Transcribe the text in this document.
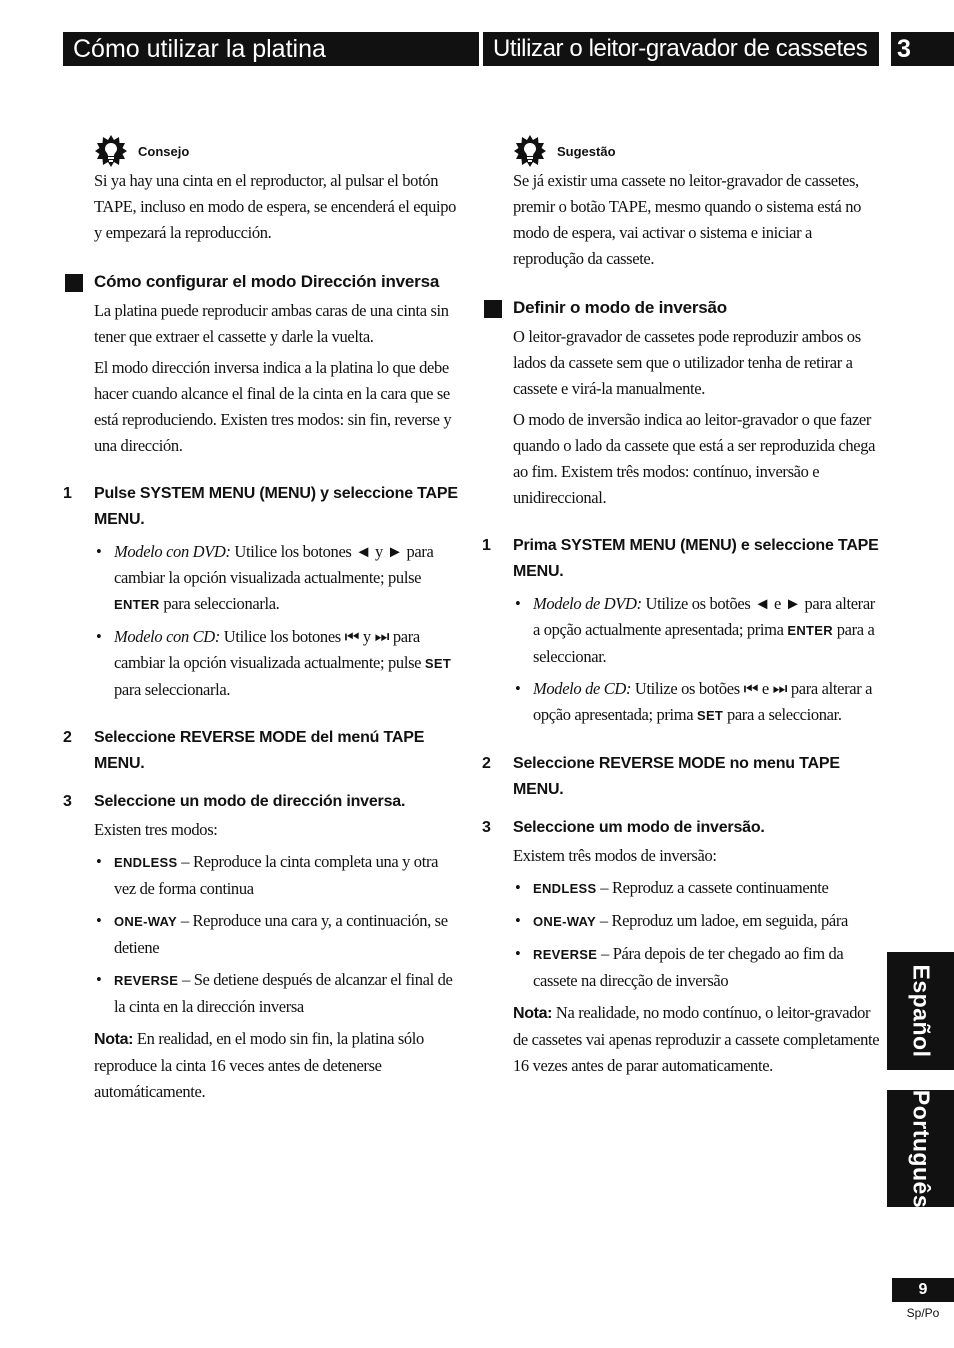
Cómo utilizar la platina	Utilizar o leitor-gravador de cassetes	3
Consejo

Si ya hay una cinta en el reproductor, al pulsar el botón TAPE, incluso en modo de espera, se encenderá el equipo y empezará la reproducción.

Cómo configurar el modo Dirección inversa

La platina puede reproducir ambas caras de una cinta sin tener que extraer el cassette y darle la vuelta.

El modo dirección inversa indica a la platina lo que debe hacer cuando alcance el final de la cinta en la cara que se está reproduciendo. Existen tres modos: sin fin, reverse y una dirección.

1 Pulse SYSTEM MENU (MENU) y seleccione TAPE MENU.
• Modelo con DVD: Utilice los botones ◄ y ► para cambiar la opción visualizada actualmente; pulse ENTER para seleccionarla.
• Modelo con CD: Utilice los botones ⏮ y ⏭ para cambiar la opción visualizada actualmente; pulse SET para seleccionarla.
2 Seleccione REVERSE MODE del menú TAPE MENU.
3 Seleccione un modo de dirección inversa.

Existen tres modos:

• ENDLESS – Reproduce la cinta completa una y otra vez de forma continua
• ONE-WAY – Reproduce una cara y, a continuación, se detiene
• REVERSE – Se detiene después de alcanzar el final de la cinta en la dirección inversa

Nota: En realidad, en el modo sin fin, la platina sólo reproduce la cinta 16 veces antes de detenerse automáticamente.

Sugestão

Se já existir uma cassete no leitor-gravador de cassetes, premir o botão TAPE, mesmo quando o sistema está no modo de espera, vai activar o sistema e iniciar a reprodução da cassete.

Definir o modo de inversão

O leitor-gravador de cassetes pode reproduzir ambos os lados da cassete sem que o utilizador tenha de retirar a cassete e virá-la manualmente.

O modo de inversão indica ao leitor-gravador o que fazer quando o lado da cassete que está a ser reproduzida chega ao fim. Existem três modos: contínuo, inversão e unidireccional.

1 Prima SYSTEM MENU (MENU) e seleccione TAPE MENU.
• Modelo de DVD: Utilize os botões ◄ e ► para alterar a opção actualmente apresentada; prima ENTER para a seleccionar.
• Modelo de CD: Utilize os botões ⏮ e ⏭ para alterar a opção apresentada; prima SET para a seleccionar.
2 Seleccione REVERSE MODE no menu TAPE MENU.
3 Seleccione um modo de inversão.

Existem três modos de inversão:

• ENDLESS – Reproduz a cassete continuamente
• ONE-WAY – Reproduz um ladoe, em seguida, pára
• REVERSE – Pára depois de ter chegado ao fim da cassete na direcção de inversão

Nota: Na realidade, no modo contínuo, o leitor-gravador de cassetes vai apenas reproduzir a cassete completamente 16 vezes antes de parar automaticamente.

Español
Português
9
Sp/Po
